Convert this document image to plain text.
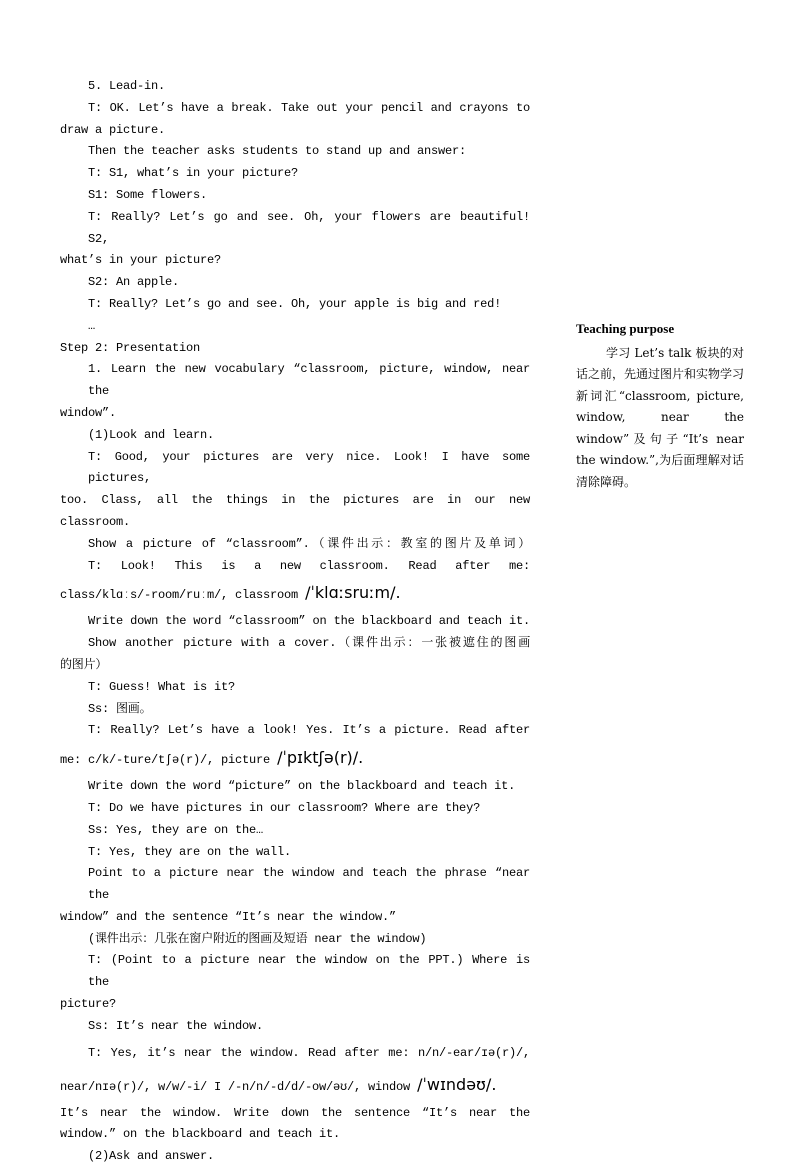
5. Lead-in.

T: OK. Let’s have a break. Take out your pencil and crayons to

draw a picture.

Then the teacher asks students to stand up and answer:

T: S1, what’s in your picture?

S1: Some flowers.

T: Really? Let’s go and see. Oh, your flowers are beautiful! S2,

what’s in your picture?

S2: An apple.

T: Really? Let’s go and see. Oh, your apple is big and red!

…

Step 2: Presentation

1. Learn the new vocabulary “classroom, picture, window, near the

window”.

(1)Look and learn.

T: Good, your pictures are very nice. Look! I have some pictures,

too. Class, all the things in the pictures are in our new classroom.

Show a picture of “classroom”.（课件出示：教室的图片及单词）

T: Look! This is a new classroom. Read after me:

class/klɑːs/-room/ruːm/, classroom /ˈklɑːsruːm/.

Write down the word “classroom” on the blackboard and teach it.

Show another picture with a cover.（课件出示：一张被遮住的图画

的图片）

T: Guess! What is it?

Ss: 图画。

T: Really? Let’s have a look! Yes. It’s a picture. Read after

me: c/k/-ture/tʃə(r)/, picture /ˈpɪktʃə(r)/.

Write down the word “picture” on the blackboard and teach it.

T: Do we have pictures in our classroom? Where are they?

Ss: Yes, they are on the…

T: Yes, they are on the wall.

Point to a picture near the window and teach the phrase “near the

window” and the sentence “It’s near the window.”

(课件出示：几张在窗户附近的图画及短语 near the window)

T: (Point to a picture near the window on the PPT.) Where is the

picture?

Ss: It’s near the window.

T: Yes, it’s near the window. Read after me: n/n/-ear/ɪə(r)/,

near/nɪə(r)/, w/w/-i/ I /-n/n/-d/d/-ow/əʊ/, window /ˈwɪndəʊ/.

It’s near the window. Write down the sentence “It’s near the

window.” on the blackboard and teach it.

(2)Ask and answer.

Teaching purpose

学习 Let’s talk 板块的对话之前，先通过图片和实物学习新词汇“classroom, picture, window, near the window”及句子“It’s near the window.”,为后面理解对话清除障碍。
